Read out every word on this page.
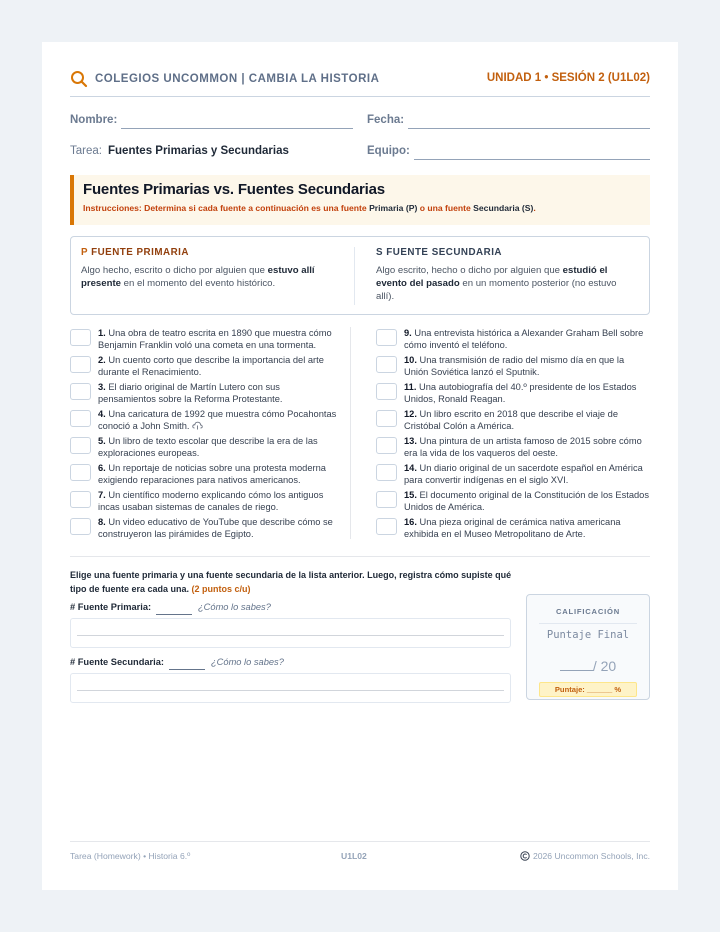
COLEGIOS UNCOMMON | CAMBIA LA HISTORIA	UNIDAD 1 • SESIÓN 2 (U1L02)
Nombre:	Fecha:
Tarea: Fuentes Primarias y Secundarias	Equipo:
Fuentes Primarias vs. Fuentes Secundarias
Instrucciones: Determina si cada fuente a continuación es una fuente Primaria (P) o una fuente Secundaria (S).
P FUENTE PRIMARIA
Algo hecho, escrito o dicho por alguien que estuvo allí presente en el momento del evento histórico.
S FUENTE SECUNDARIA
Algo escrito, hecho o dicho por alguien que estudió el evento del pasado en un momento posterior (no estuvo allí).
1. Una obra de teatro escrita en 1890 que muestra cómo Benjamin Franklin voló una cometa en una tormenta.
2. Un cuento corto que describe la importancia del arte durante el Renacimiento.
3. El diario original de Martín Lutero con sus pensamientos sobre la Reforma Protestante.
4. Una caricatura de 1992 que muestra cómo Pocahontas conoció a John Smith.
5. Un libro de texto escolar que describe la era de las exploraciones europeas.
6. Un reportaje de noticias sobre una protesta moderna exigiendo reparaciones para nativos americanos.
7. Un científico moderno explicando cómo los antiguos incas usaban sistemas de canales de riego.
8. Un video educativo de YouTube que describe cómo se construyeron las pirámides de Egipto.
9. Una entrevista histórica a Alexander Graham Bell sobre cómo inventó el teléfono.
10. Una transmisión de radio del mismo día en que la Unión Soviética lanzó el Sputnik.
11. Una autobiografía del 40.º presidente de los Estados Unidos, Ronald Reagan.
12. Un libro escrito en 2018 que describe el viaje de Cristóbal Colón a América.
13. Una pintura de un artista famoso de 2015 sobre cómo era la vida de los vaqueros del oeste.
14. Un diario original de un sacerdote español en América para convertir indígenas en el siglo XVI.
15. El documento original de la Constitución de los Estados Unidos de América.
16. Una pieza original de cerámica nativa americana exhibida en el Museo Metropolitano de Arte.
Elige una fuente primaria y una fuente secundaria de la lista anterior. Luego, registra cómo supiste qué tipo de fuente era cada una. (2 puntos c/u)
# Fuente Primaria:	¿Cómo lo sabes?
# Fuente Secundaria:	¿Cómo lo sabes?
CALIFICACIÓN
Puntaje Final
/ 20
Puntaje: ______ %
Tarea (Homework) • Historia 6.º	U1L02	2026 Uncommon Schools, Inc.
